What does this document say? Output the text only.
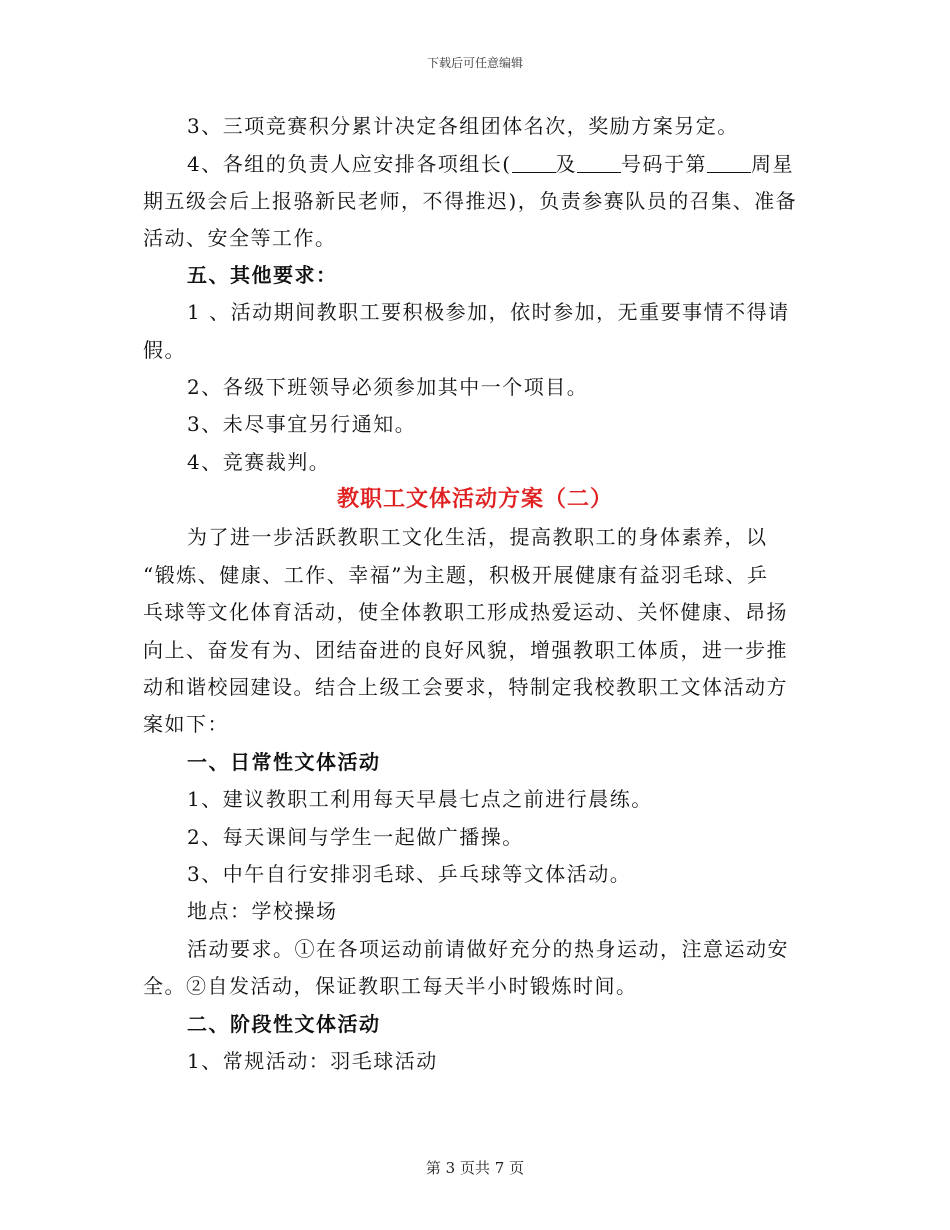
下载后可任意编辑
3、三项竞赛积分累计决定各组团体名次，奖励方案另定。
4、各组的负责人应安排各项组长( 及 号码于第 周星
期五级会后上报骆新民老师，不得推迟)，负责参赛队员的召集、准备
活动、安全等工作。
五、其他要求：
1 、活动期间教职工要积极参加，依时参加，无重要事情不得请
假。
2、各级下班领导必须参加其中一个项目。
3、未尽事宜另行通知。
4、竞赛裁判。
教职工文体活动方案（二）
为了进一步活跃教职工文化生活，提高教职工的身体素养，以
“锻炼、健康、工作、幸福”为主题，积极开展健康有益羽毛球、乒
乓球等文化体育活动，使全体教职工形成热爱运动、关怀健康、昂扬
向上、奋发有为、团结奋进的良好风貌，增强教职工体质，进一步推
动和谐校园建设。结合上级工会要求，特制定我校教职工文体活动方
案如下：
一、日常性文体活动
1、建议教职工利用每天早晨七点之前进行晨练。
2、每天课间与学生一起做广播操。
3、中午自行安排羽毛球、乒乓球等文体活动。
地点：学校操场
活动要求。①在各项运动前请做好充分的热身运动，注意运动安
全。②自发活动，保证教职工每天半小时锻炼时间。
二、阶段性文体活动
1、常规活动：羽毛球活动
第 3 页共 7 页
